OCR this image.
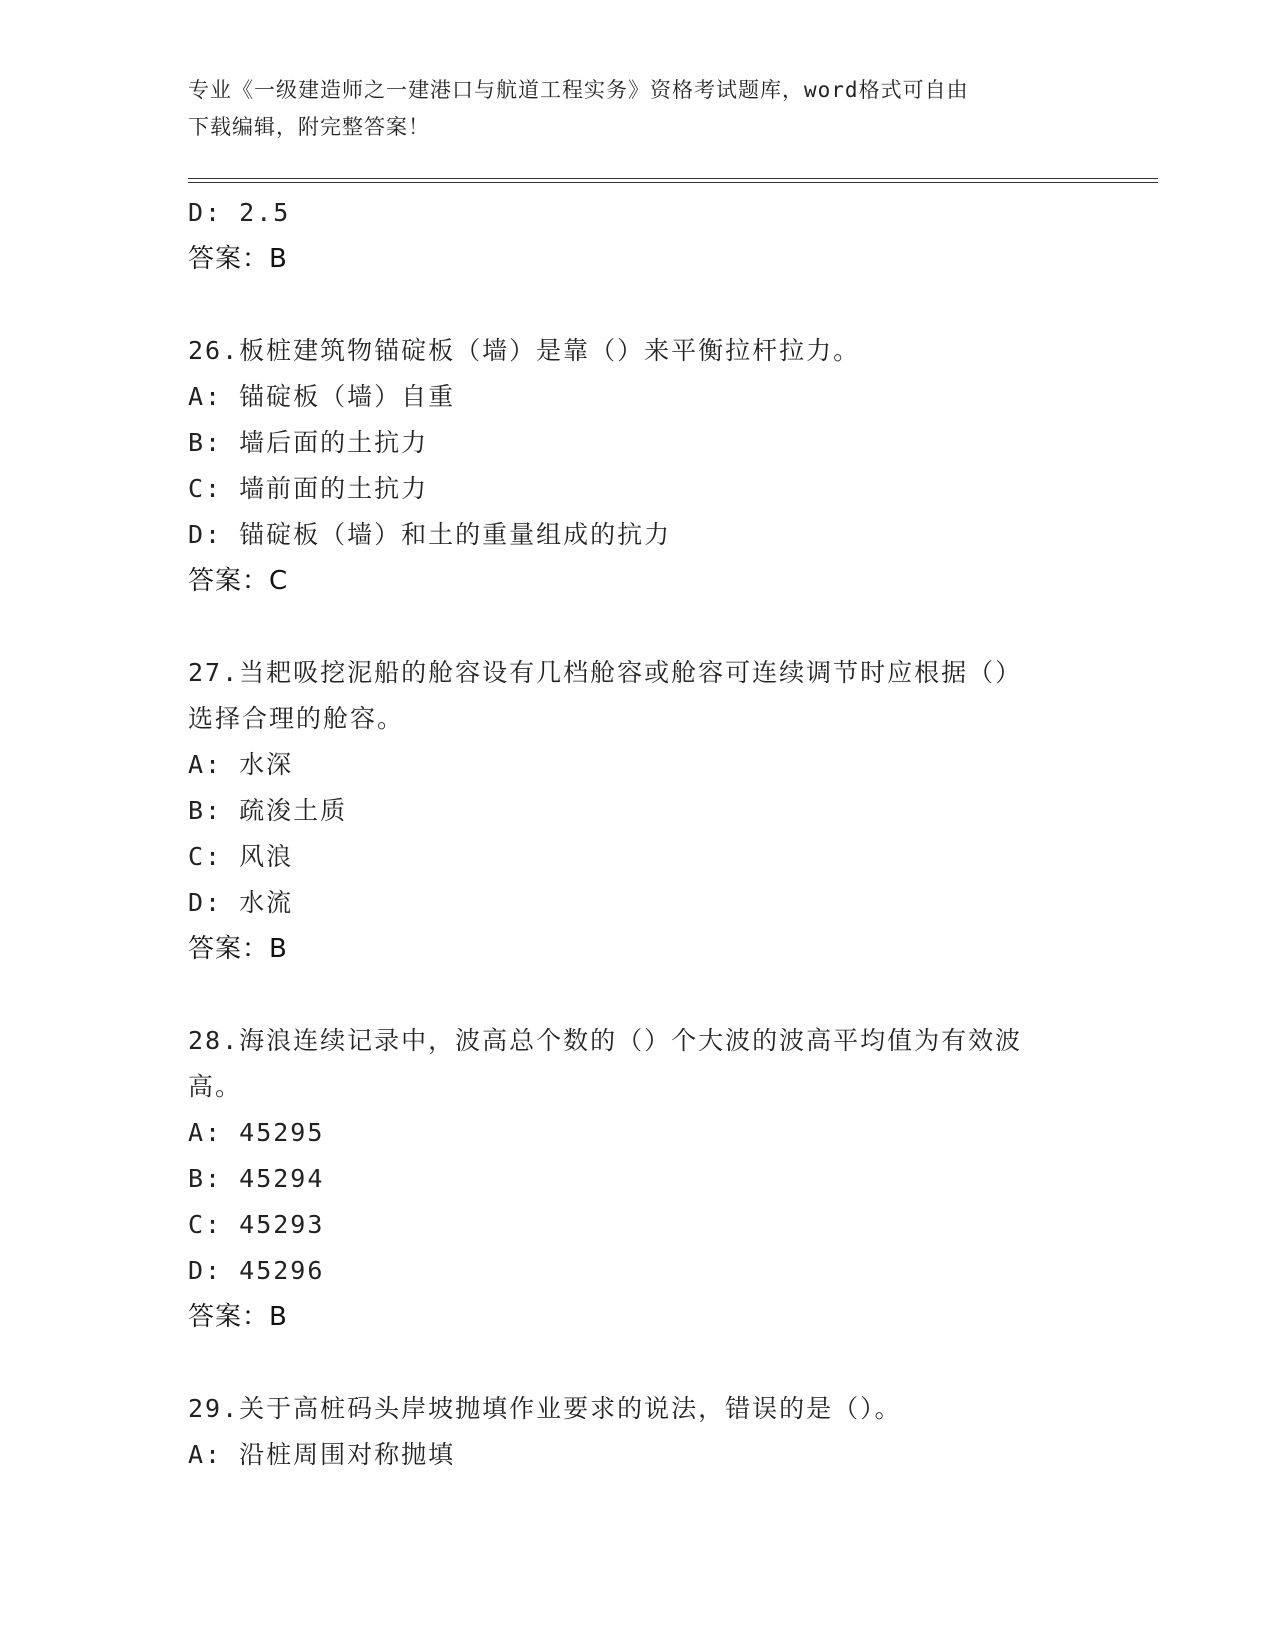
专业《一级建造师之一建港口与航道工程实务》资格考试题库，word格式可自由
下载编辑，附完整答案！

D: 2.5

答案：B

26.板桩建筑物锚碇板（墙）是靠（）来平衡拉杆拉力。

A: 锚碇板（墙）自重

B: 墙后面的土抗力

C: 墙前面的土抗力

D: 锚碇板（墙）和土的重量组成的抗力

答案：C

27.当耙吸挖泥船的舱容设有几档舱容或舱容可连续调节时应根据（）

选择合理的舱容。

A: 水深

B: 疏浚土质

C: 风浪

D: 水流

答案：B

28.海浪连续记录中，波高总个数的（）个大波的波高平均值为有效波

高。

A: 45295

B: 45294

C: 45293

D: 45296

答案：B

29.关于高桩码头岸坡抛填作业要求的说法，错误的是（）。

A: 沿桩周围对称抛填
